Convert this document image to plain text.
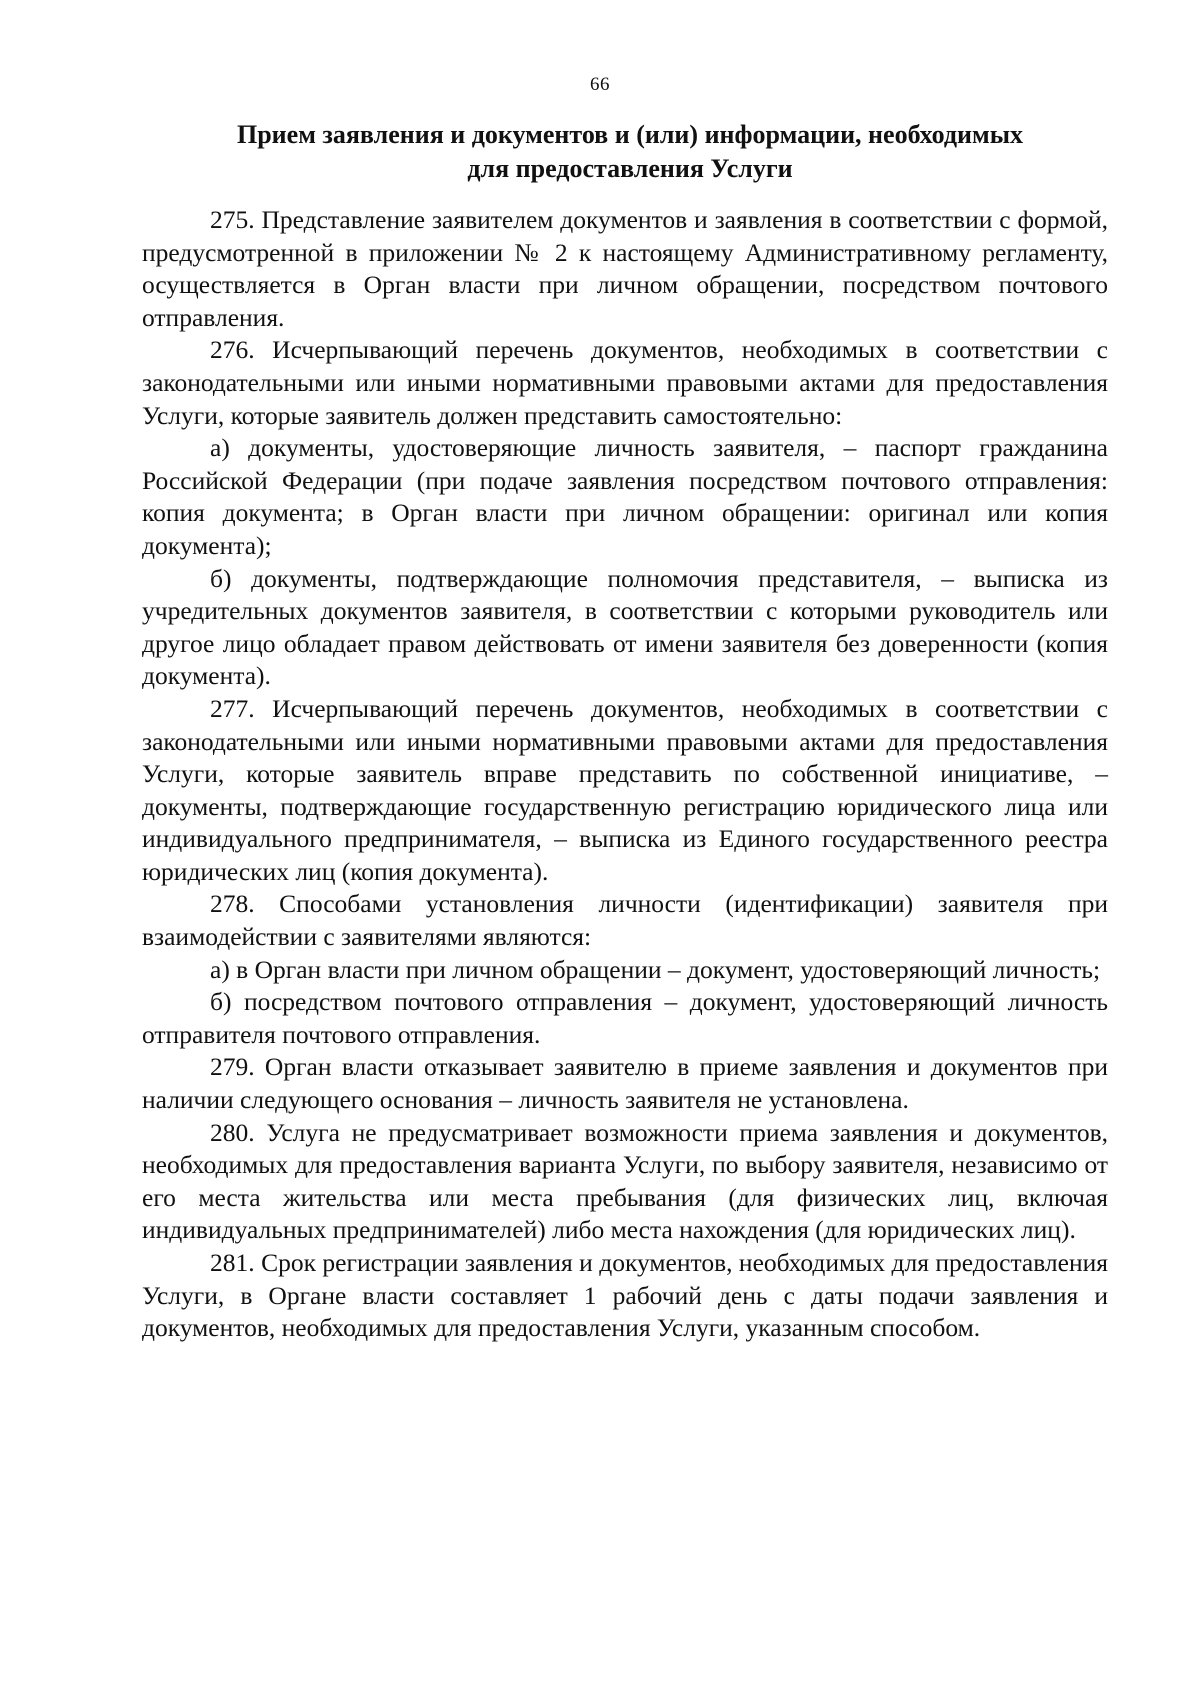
66
Прием заявления и документов и (или) информации, необходимых
для предоставления Услуги

275. Представление заявителем документов и заявления в соответствии с формой, предусмотренной в приложении № 2 к настоящему Административному регламенту, осуществляется в Орган власти при личном обращении, посредством почтового отправления.

276. Исчерпывающий перечень документов, необходимых в соответствии с законодательными или иными нормативными правовыми актами для предоставления Услуги, которые заявитель должен представить самостоятельно:

а) документы, удостоверяющие личность заявителя, – паспорт гражданина Российской Федерации (при подаче заявления посредством почтового отправления: копия документа; в Орган власти при личном обращении: оригинал или копия документа);

б) документы, подтверждающие полномочия представителя, – выписка из учредительных документов заявителя, в соответствии с которыми руководитель или другое лицо обладает правом действовать от имени заявителя без доверенности (копия документа).

277. Исчерпывающий перечень документов, необходимых в соответствии с законодательными или иными нормативными правовыми актами для предоставления Услуги, которые заявитель вправе представить по собственной инициативе, – документы, подтверждающие государственную регистрацию юридического лица или индивидуального предпринимателя, – выписка из Единого государственного реестра юридических лиц (копия документа).

278. Способами установления личности (идентификации) заявителя при взаимодействии с заявителями являются:

а) в Орган власти при личном обращении – документ, удостоверяющий личность;

б) посредством почтового отправления – документ, удостоверяющий личность отправителя почтового отправления.

279. Орган власти отказывает заявителю в приеме заявления и документов при наличии следующего основания – личность заявителя не установлена.

280. Услуга не предусматривает возможности приема заявления и документов, необходимых для предоставления варианта Услуги, по выбору заявителя, независимо от его места жительства или места пребывания (для физических лиц, включая индивидуальных предпринимателей) либо места нахождения (для юридических лиц).

281. Срок регистрации заявления и документов, необходимых для предоставления Услуги, в Органе власти составляет 1 рабочий день с даты подачи заявления и документов, необходимых для предоставления Услуги, указанным способом.
